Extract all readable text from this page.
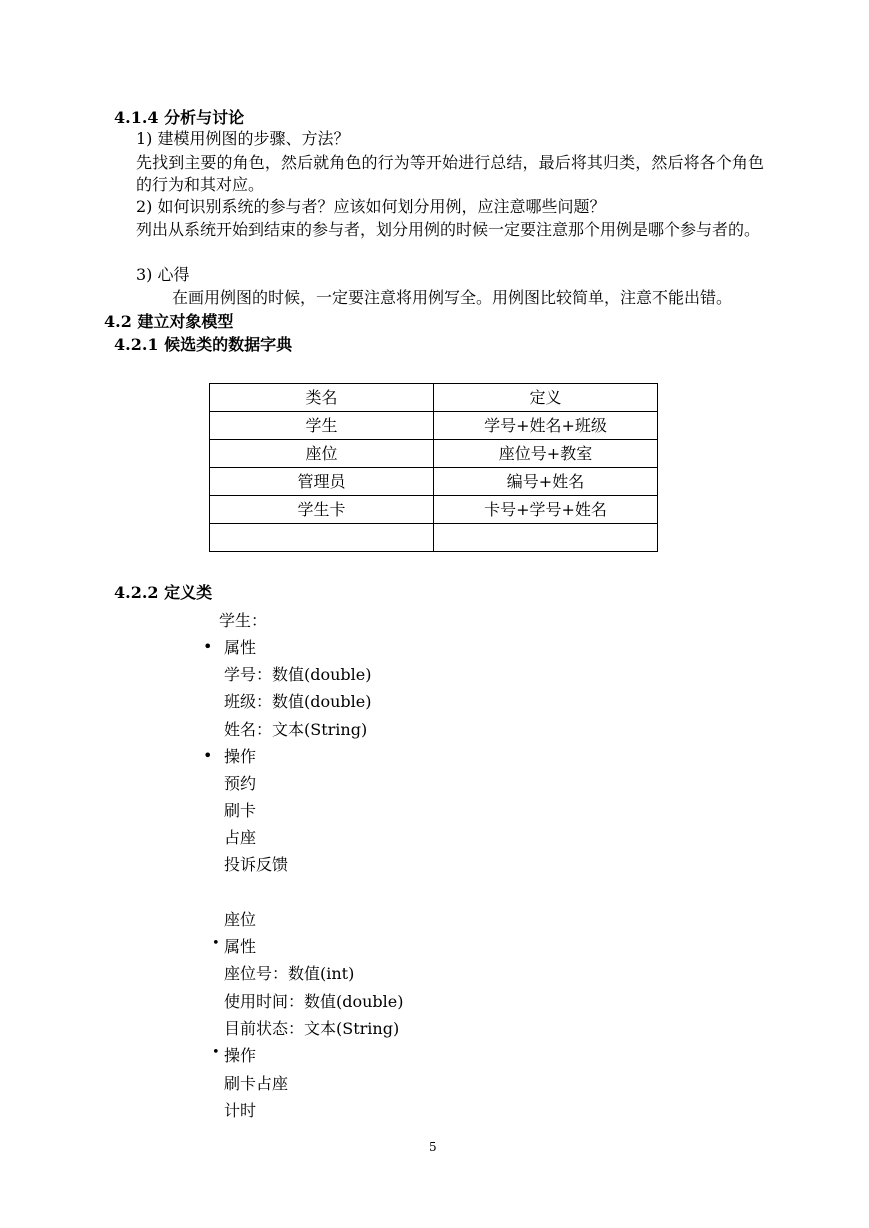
4.1.4 分析与讨论
1) 建模用例图的步骤、方法？
先找到主要的角色，然后就角色的行为等开始进行总结，最后将其归类，然后将各个角色的行为和其对应。
2) 如何识别系统的参与者？应该如何划分用例，应注意哪些问题？
列出从系统开始到结束的参与者，划分用例的时候一定要注意那个用例是哪个参与者的。
3) 心得
在画用例图的时候，一定要注意将用例写全。用例图比较简单，注意不能出错。
4.2 建立对象模型
4.2.1 候选类的数据字典
类名	定义
学生	学号+姓名+班级
座位	座位号+教室
管理员	编号+姓名
学生卡	卡号+学号+姓名

4.2.2 定义类
学生：
• 属性
学号：数值(double)
班级：数值(double)
姓名：文本(String)
• 操作
预约
刷卡
占座
投诉反馈
座位
• 属性
座位号：数值(int)
使用时间：数值(double)
目前状态：文本(String)
• 操作
刷卡占座
计时
5
